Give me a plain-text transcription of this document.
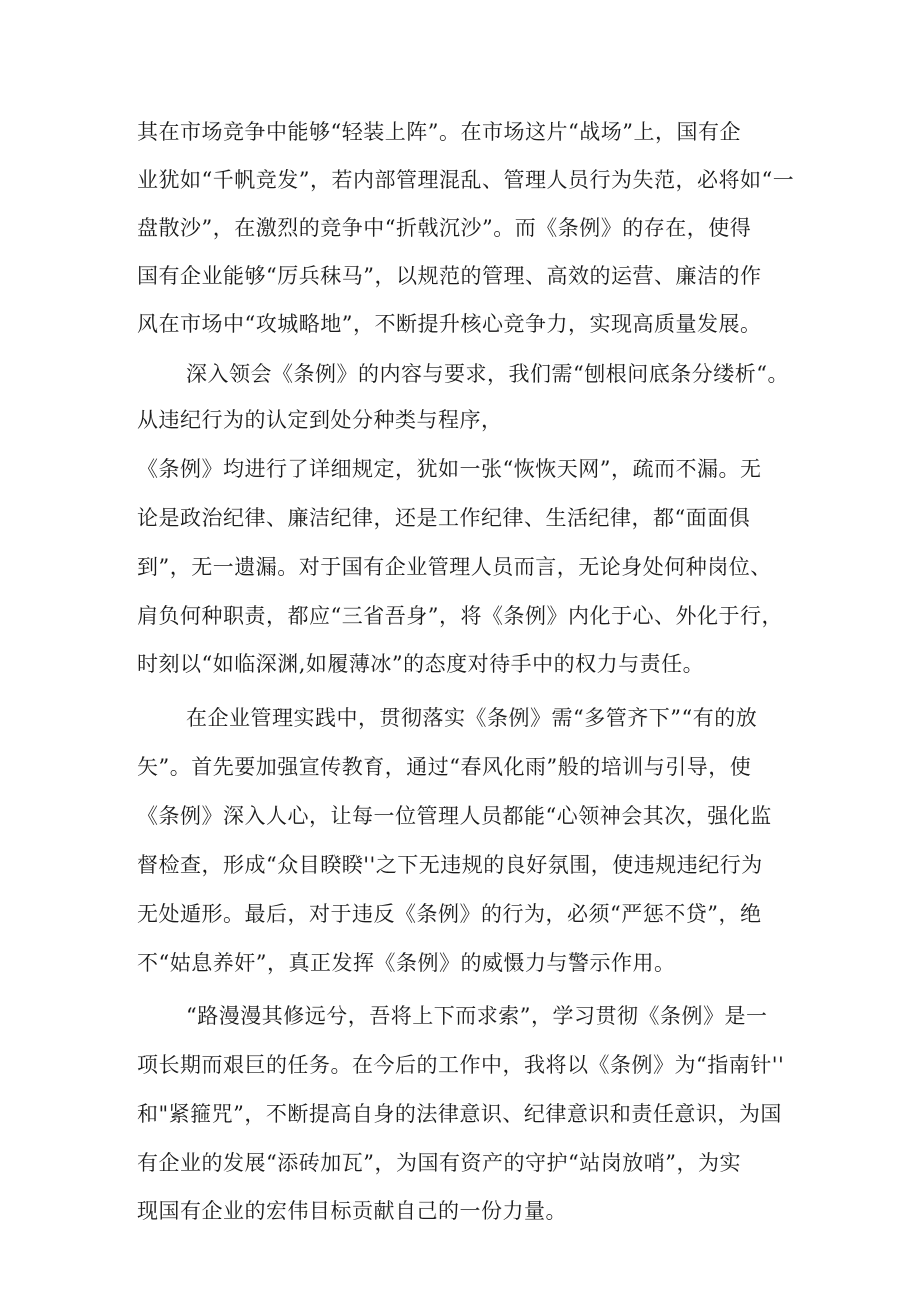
其在市场竞争中能够“轻装上阵”。在市场这片“战场”上，国有企
业犹如“千帆竞发”，若内部管理混乱、管理人员行为失范，必将如“一
盘散沙”，在激烈的竞争中“折戟沉沙”。而《条例》的存在，使得
国有企业能够“厉兵秣马”，以规范的管理、高效的运营、廉洁的作
风在市场中“攻城略地”，不断提升核心竞争力，实现高质量发展。
深入领会《条例》的内容与要求，我们需“刨根问底条分缕析“。
从违纪行为的认定到处分种类与程序，
《条例》均进行了详细规定，犹如一张“恢恢天网”，疏而不漏。无
论是政治纪律、廉洁纪律，还是工作纪律、生活纪律，都“面面俱
到”，无一遗漏。对于国有企业管理人员而言，无论身处何种岗位、
肩负何种职责，都应“三省吾身”，将《条例》内化于心、外化于行，
时刻以“如临深渊,如履薄冰”的态度对待手中的权力与责任。
在企业管理实践中，贯彻落实《条例》需“多管齐下”“有的放
矢”。首先要加强宣传教育，通过“春风化雨”般的培训与引导，使
《条例》深入人心，让每一位管理人员都能“心领神会其次，强化监
督检查，形成“众目睽睽''之下无违规的良好氛围，使违规违纪行为
无处遁形。最后，对于违反《条例》的行为，必须“严惩不贷”，绝
不“姑息养奸”，真正发挥《条例》的威慑力与警示作用。
“路漫漫其修远兮，吾将上下而求索”，学习贯彻《条例》是一
项长期而艰巨的任务。在今后的工作中，我将以《条例》为“指南针''
和"紧箍咒”，不断提高自身的法律意识、纪律意识和责任意识，为国
有企业的发展“添砖加瓦”，为国有资产的守护“站岗放哨”，为实
现国有企业的宏伟目标贡献自己的一份力量。
